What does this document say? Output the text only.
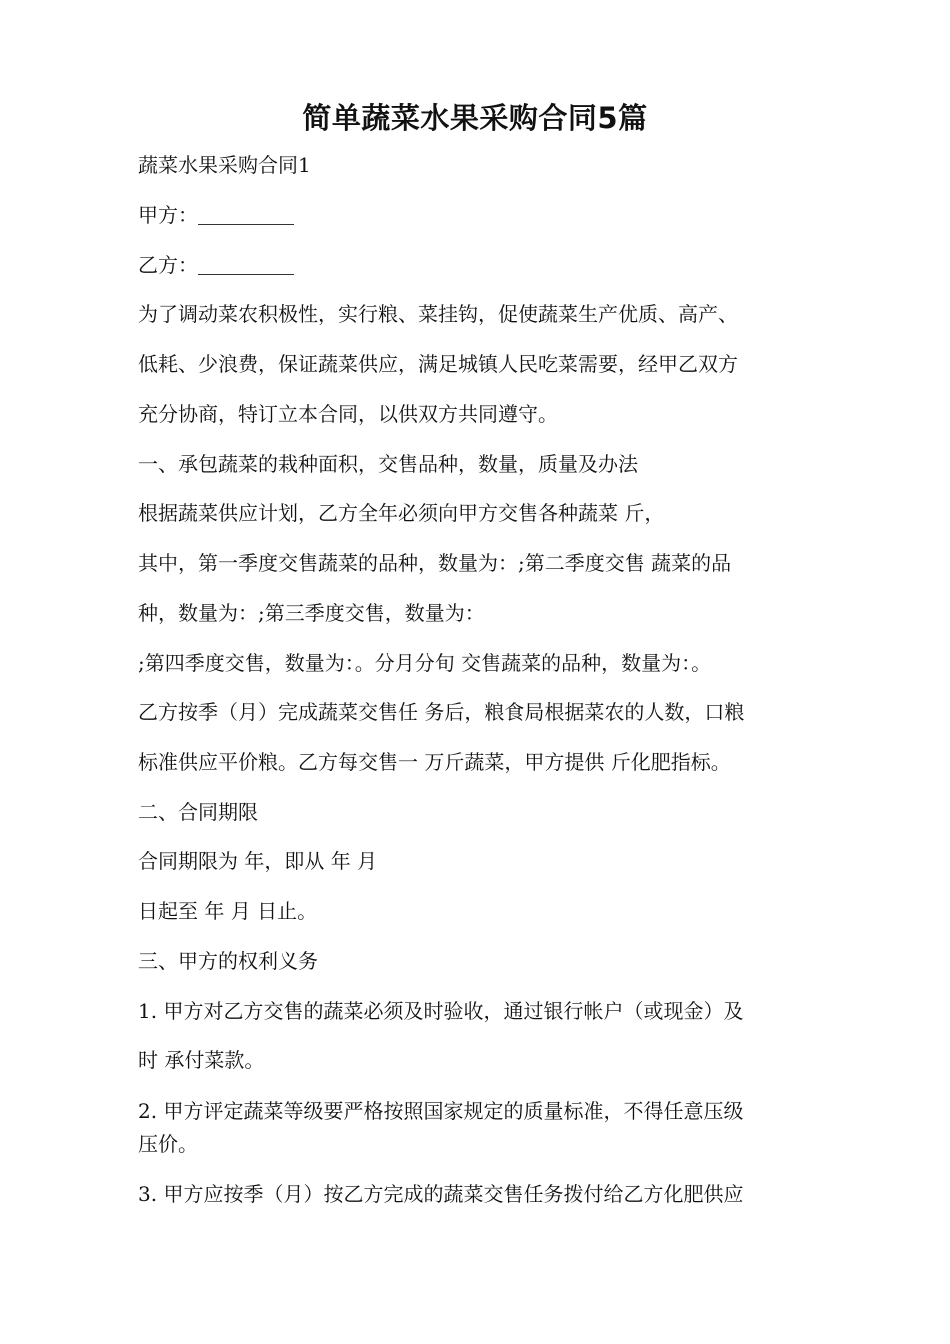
简单蔬菜水果采购合同5篇

蔬菜水果采购合同1

甲方：

乙方：

为了调动菜农积极性，实行粮、菜挂钩，促使蔬菜生产优质、高产、

低耗、少浪费，保证蔬菜供应，满足城镇人民吃菜需要，经甲乙双方

充分协商，特订立本合同，以供双方共同遵守。

一、承包蔬菜的栽种面积，交售品种，数量，质量及办法

根据蔬菜供应计划，乙方全年必须向甲方交售各种蔬菜 斤，

其中，第一季度交售蔬菜的品种，数量为：;第二季度交售 蔬菜的品

种，数量为：;第三季度交售，数量为：

;第四季度交售，数量为：。分月分旬 交售蔬菜的品种，数量为：。

乙方按季（月）完成蔬菜交售任 务后，粮食局根据菜农的人数，口粮

标准供应平价粮。乙方每交售一 万斤蔬菜，甲方提供 斤化肥指标。

二、合同期限

合同期限为 年，即从 年 月

日起至 年 月 日止。

三、甲方的权利义务

1. 甲方对乙方交售的蔬菜必须及时验收，通过银行帐户（或现金）及

时 承付菜款。

2. 甲方评定蔬菜等级要严格按照国家规定的质量标准，不得任意压级

压价。

3. 甲方应按季（月）按乙方完成的蔬菜交售任务拨付给乙方化肥供应
